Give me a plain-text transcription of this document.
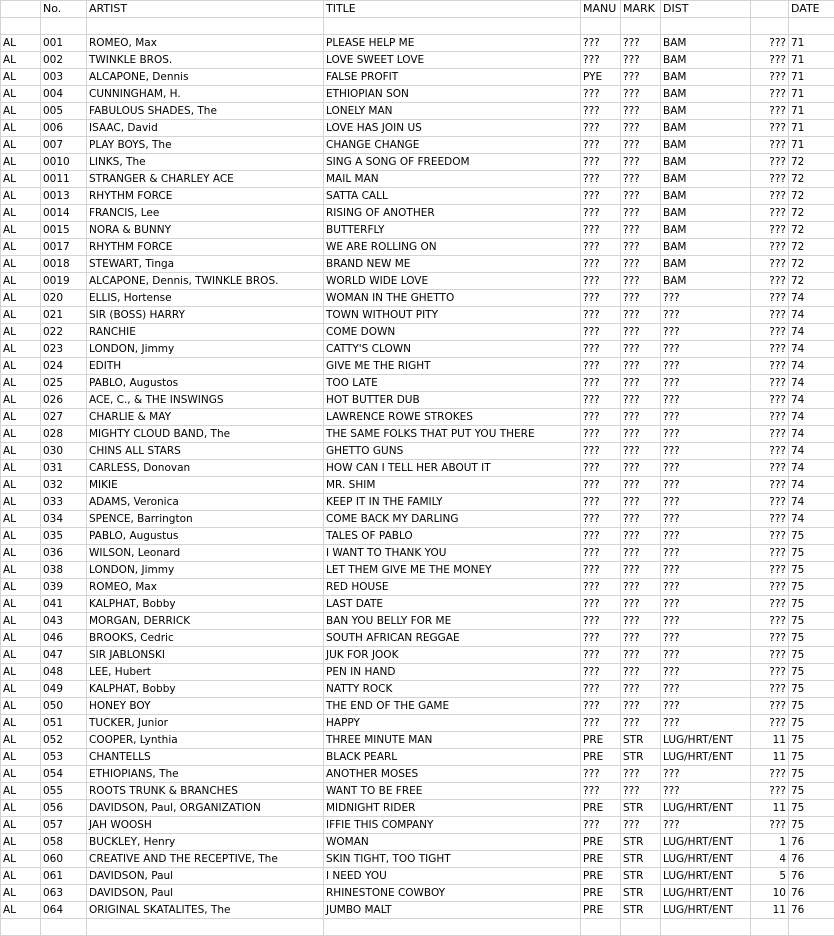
	No.	ARTIST	TITLE	MANU	MARK	DIST		DATE

AL	001	ROMEO, Max	PLEASE HELP ME	???	???	BAM	???	71
AL	002	TWINKLE BROS.	LOVE SWEET LOVE	???	???	BAM	???	71
AL	003	ALCAPONE, Dennis	FALSE PROFIT	PYE	???	BAM	???	71
AL	004	CUNNINGHAM, H.	ETHIOPIAN SON	???	???	BAM	???	71
AL	005	FABULOUS SHADES, The	LONELY MAN	???	???	BAM	???	71
AL	006	ISAAC, David	LOVE HAS JOIN US	???	???	BAM	???	71
AL	007	PLAY BOYS, The	CHANGE CHANGE	???	???	BAM	???	71
AL	0010	LINKS, The	SING A SONG OF FREEDOM	???	???	BAM	???	72
AL	0011	STRANGER & CHARLEY ACE	MAIL MAN	???	???	BAM	???	72
AL	0013	RHYTHM FORCE	SATTA CALL	???	???	BAM	???	72
AL	0014	FRANCIS, Lee	RISING OF ANOTHER	???	???	BAM	???	72
AL	0015	NORA & BUNNY	BUTTERFLY	???	???	BAM	???	72
AL	0017	RHYTHM FORCE	WE ARE ROLLING ON	???	???	BAM	???	72
AL	0018	STEWART, Tinga	BRAND NEW ME	???	???	BAM	???	72
AL	0019	ALCAPONE, Dennis, TWINKLE BROS.	WORLD WIDE LOVE	???	???	BAM	???	72
AL	020	ELLIS, Hortense	WOMAN IN THE GHETTO	???	???	???	???	74
AL	021	SIR (BOSS) HARRY	TOWN WITHOUT PITY	???	???	???	???	74
AL	022	RANCHIE	COME DOWN	???	???	???	???	74
AL	023	LONDON, Jimmy	CATTY'S CLOWN	???	???	???	???	74
AL	024	EDITH	GIVE ME THE RIGHT	???	???	???	???	74
AL	025	PABLO, Augustos	TOO LATE	???	???	???	???	74
AL	026	ACE, C., & THE INSWINGS	HOT BUTTER DUB	???	???	???	???	74
AL	027	CHARLIE & MAY	LAWRENCE ROWE STROKES	???	???	???	???	74
AL	028	MIGHTY CLOUD BAND, The	THE SAME FOLKS THAT PUT YOU THERE	???	???	???	???	74
AL	030	CHINS ALL STARS	GHETTO GUNS	???	???	???	???	74
AL	031	CARLESS, Donovan	HOW CAN I TELL HER ABOUT IT	???	???	???	???	74
AL	032	MIKIE	MR. SHIM	???	???	???	???	74
AL	033	ADAMS, Veronica	KEEP IT IN THE FAMILY	???	???	???	???	74
AL	034	SPENCE, Barrington	COME BACK MY DARLING	???	???	???	???	74
AL	035	PABLO, Augustus	TALES OF PABLO	???	???	???	???	75
AL	036	WILSON, Leonard	I WANT TO THANK YOU	???	???	???	???	75
AL	038	LONDON, Jimmy	LET THEM GIVE ME THE MONEY	???	???	???	???	75
AL	039	ROMEO, Max	RED HOUSE	???	???	???	???	75
AL	041	KALPHAT, Bobby	LAST DATE	???	???	???	???	75
AL	043	MORGAN, DERRICK	BAN YOU BELLY FOR ME	???	???	???	???	75
AL	046	BROOKS, Cedric	SOUTH AFRICAN REGGAE	???	???	???	???	75
AL	047	SIR JABLONSKI	JUK FOR JOOK	???	???	???	???	75
AL	048	LEE, Hubert	PEN IN HAND	???	???	???	???	75
AL	049	KALPHAT, Bobby	NATTY ROCK	???	???	???	???	75
AL	050	HONEY BOY	THE END OF THE GAME	???	???	???	???	75
AL	051	TUCKER, Junior	HAPPY	???	???	???	???	75
AL	052	COOPER, Lynthia	THREE MINUTE MAN	PRE	STR	LUG/HRT/ENT	11	75
AL	053	CHANTELLS	BLACK PEARL	PRE	STR	LUG/HRT/ENT	11	75
AL	054	ETHIOPIANS, The	ANOTHER MOSES	???	???	???	???	75
AL	055	ROOTS TRUNK & BRANCHES	WANT TO BE FREE	???	???	???	???	75
AL	056	DAVIDSON, Paul, ORGANIZATION	MIDNIGHT RIDER	PRE	STR	LUG/HRT/ENT	11	75
AL	057	JAH WOOSH	IFFIE THIS COMPANY	???	???	???	???	75
AL	058	BUCKLEY, Henry	WOMAN	PRE	STR	LUG/HRT/ENT	1	76
AL	060	CREATIVE AND THE RECEPTIVE, The	SKIN TIGHT, TOO TIGHT	PRE	STR	LUG/HRT/ENT	4	76
AL	061	DAVIDSON, Paul	I NEED YOU	PRE	STR	LUG/HRT/ENT	5	76
AL	063	DAVIDSON, Paul	RHINESTONE COWBOY	PRE	STR	LUG/HRT/ENT	10	76
AL	064	ORIGINAL SKATALITES, The	JUMBO MALT	PRE	STR	LUG/HRT/ENT	11	76
